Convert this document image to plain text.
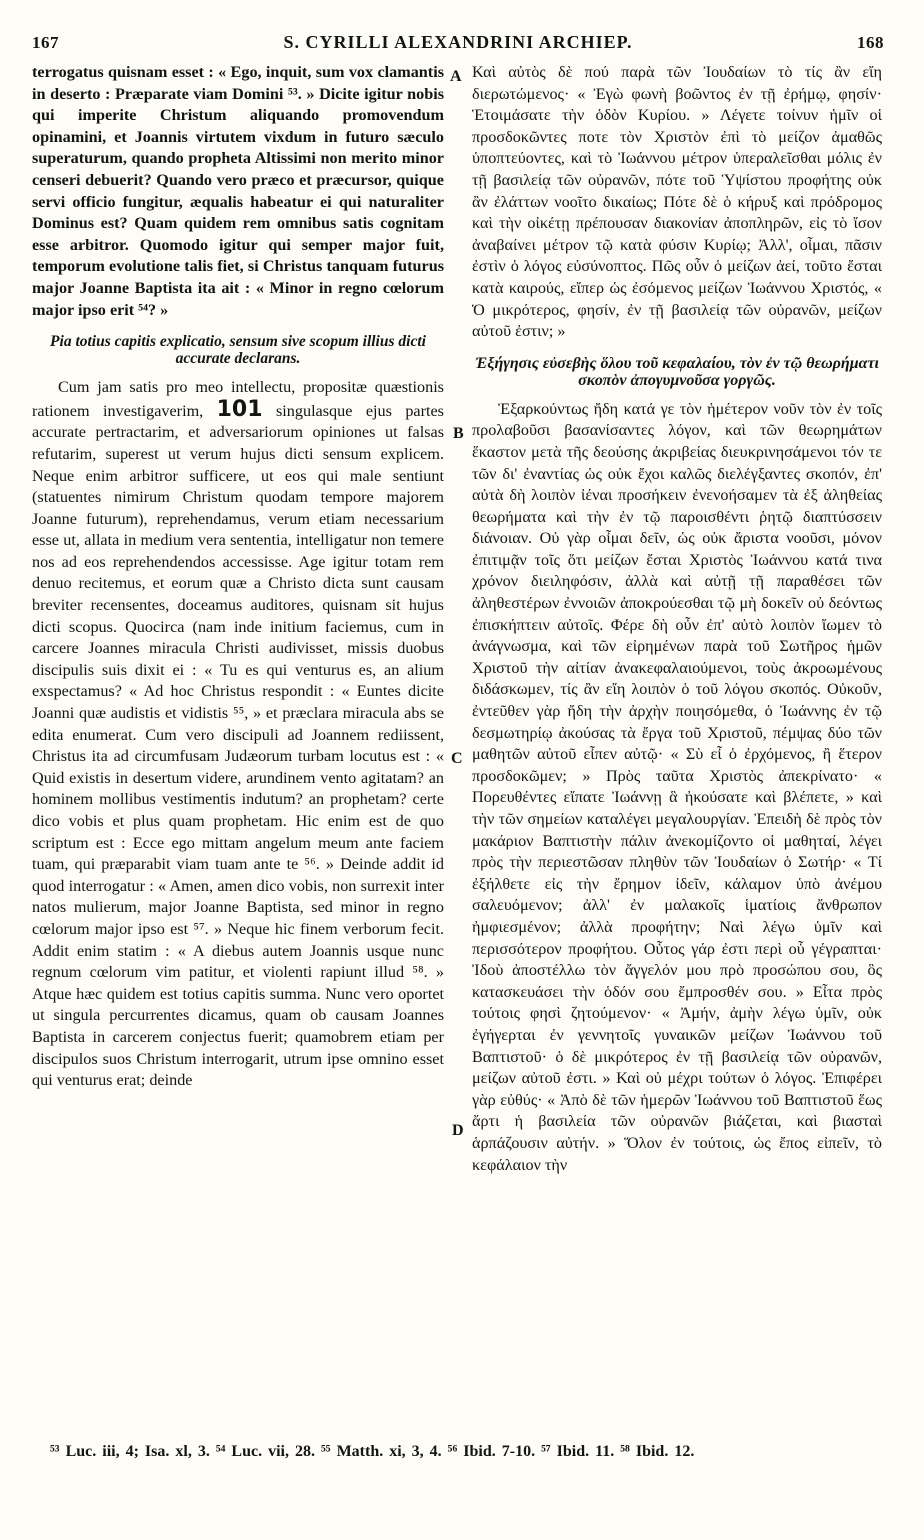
167	S. CYRILLI ALEXANDRINI ARCHIEP.	168
A
B
C
D

terrogatus quisnam esset : « Ego, inquit, sum vox clamantis in deserto : Præparate viam Domini ⁵³. » Dicite igitur nobis qui imperite Christum aliquando promovendum opinamini, et Joannis virtutem vixdum in futuro sæculo superaturum, quando propheta Altissimi non merito minor censeri debuerit? Quando vero præco et præcursor, quique servi officio fungitur, æqualis habeatur ei qui naturaliter Dominus est? Quam quidem rem omnibus satis cognitam esse arbitror. Quomodo igitur qui semper major fuit, temporum evolutione talis fiet, si Christus tanquam futurus major Joanne Baptista ita ait : « Minor in regno cœlorum major ipso erit ⁵⁴? »

Pia totius capitis explicatio, sensum sive scopum illius dicti accurate declarans.

Cum jam satis pro meo intellectu, propositæ quæstionis rationem investigaverim, 101 singulasque ejus partes accurate pertractarim, et adversariorum opiniones ut falsas refutarim, superest ut verum hujus dicti sensum explicem. Neque enim arbitror sufficere, ut eos qui male sentiunt (statuentes nimirum Christum quodam tempore majorem Joanne futurum), reprehendamus, verum etiam necessarium esse ut, allata in medium vera sententia, intelligatur non temere nos ad eos reprehendendos accessisse. Age igitur totam rem denuo recitemus, et eorum quæ a Christo dicta sunt causam breviter recensentes, doceamus auditores, quisnam sit hujus dicti scopus. Quocirca (nam inde initium faciemus, cum in carcere Joannes miracula Christi audivisset, missis duobus discipulis suis dixit ei : « Tu es qui venturus es, an alium exspectamus? « Ad hoc Christus respondit : « Euntes dicite Joanni quæ audistis et vidistis ⁵⁵, » et præclara miracula abs se edita enumerat. Cum vero discipuli ad Joannem rediissent, Christus ita ad circumfusam Judæorum turbam locutus est : « Quid existis in desertum videre, arundinem vento agitatam? an hominem mollibus vestimentis indutum? an prophetam? certe dico vobis et plus quam prophetam. Hic enim est de quo scriptum est : Ecce ego mittam angelum meum ante faciem tuam, qui præparabit viam tuam ante te ⁵⁶. » Deinde addit id quod interrogatur : « Amen, amen dico vobis, non surrexit inter natos mulierum, major Joanne Baptista, sed minor in regno cœlorum major ipso est ⁵⁷. » Neque hic finem verborum fecit. Addit enim statim : « A diebus autem Joannis usque nunc regnum cœlorum vim patitur, et violenti rapiunt illud ⁵⁸. » Atque hæc quidem est totius capitis summa. Nunc vero oportet ut singula percurrentes dicamus, quam ob causam Joannes Baptista in carcerem conjectus fuerit; quamobrem etiam per discipulos suos Christum interrogarit, utrum ipse omnino esset qui venturus erat; deinde

Καὶ αὐτὸς δὲ πού παρὰ τῶν Ἰουδαίων τὸ τίς ἂν εἴη διερωτώμενος· « Ἐγὼ φωνὴ βοῶντος ἐν τῇ ἐρήμῳ, φησίν· Ἑτοιμάσατε τὴν ὁδὸν Κυρίου. » Λέγετε τοίνυν ἡμῖν οἱ προσδοκῶντες ποτε τὸν Χριστὸν ἐπὶ τὸ μείζον ἀμαθῶς ὑποπτεύοντες, καὶ τὸ Ἰωάννου μέτρον ὑπεραλεῖσθαι μόλις ἐν τῇ βασιλείᾳ τῶν οὐρανῶν, πότε τοῦ Ὑψίστου προφήτης οὐκ ἂν ἐλάττων νοοῖτο δικαίως; Πότε δὲ ὁ κήρυξ καὶ πρόδρομος καὶ τὴν οἰκέτῃ πρέπουσαν διακονίαν ἀποπληρῶν, εἰς τὸ ἴσον ἀναβαίνει μέτρον τῷ κατὰ φύσιν Κυρίῳ; Ἀλλ', οἶμαι, πᾶσιν ἐστὶν ὁ λόγος εὐσύνοπτος. Πῶς οὖν ὁ μείζων ἀεί, τοῦτο ἔσται κατὰ καιρούς, εἴπερ ὡς ἐσόμενος μείζων Ἰωάννου Χριστός, « Ὁ μικρότερος, φησίν, ἐν τῇ βασιλείᾳ τῶν οὐρανῶν, μείζων αὐτοῦ ἐστιν; »

Ἐξήγησις εὐσεβὴς ὅλου τοῦ κεφαλαίου, τὸν ἐν τῷ θεωρήματι σκοπὸν ἀπογυμνοῦσα γοργῶς.

Ἐξαρκούντως ἤδη κατά γε τὸν ἡμέτερον νοῦν τὸν ἐν τοῖς προλαβοῦσι βασανίσαντες λόγον, καὶ τῶν θεωρημάτων ἕκαστον μετὰ τῆς δεούσης ἀκριβείας διευκρινησάμενοι τόν τε τῶν δι' ἐναντίας ὡς οὐκ ἔχοι καλῶς διελέγξαντες σκοπόν, ἐπ' αὐτὰ δὴ λοιπὸν ἰέναι προσήκειν ἐνενοήσαμεν τὰ ἐξ ἀληθείας θεωρήματα καὶ τὴν ἐν τῷ παροισθέντι ῥητῷ διαπτύσσειν διάνοιαν. Οὐ γὰρ οἶμαι δεῖν, ὡς οὐκ ἄριστα νοοῦσι, μόνον ἐπιτιμᾷν τοῖς ὅτι μείζων ἔσται Χριστὸς Ἰωάννου κατά τινα χρόνον διειληφόσιν, ἀλλὰ καὶ αὐτῇ τῇ παραθέσει τῶν ἀληθεστέρων ἐννοιῶν ἀποκρούεσθαι τῷ μὴ δοκεῖν οὐ δεόντως ἐπισκήπτειν αὐτοῖς. Φέρε δὴ οὖν ἐπ' αὐτὸ λοιπὸν ἴωμεν τὸ ἀνάγνωσμα, καὶ τῶν εἰρημένων παρὰ τοῦ Σωτῆρος ἡμῶν Χριστοῦ τὴν αἰτίαν ἀνακεφαλαιούμενοι, τοὺς ἀκροωμένους διδάσκωμεν, τίς ἂν εἴη λοιπὸν ὁ τοῦ λόγου σκοπός. Οὐκοῦν, ἐντεῦθεν γὰρ ἤδη τὴν ἀρχὴν ποιησόμεθα, ὁ Ἰωάννης ἐν τῷ δεσμωτηρίῳ ἀκούσας τὰ ἔργα τοῦ Χριστοῦ, πέμψας δύο τῶν μαθητῶν αὐτοῦ εἶπεν αὐτῷ· « Σὺ εἶ ὁ ἐρχόμενος, ἢ ἕτερον προσδοκῶμεν; » Πρὸς ταῦτα Χριστὸς ἀπεκρίνατο· « Πορευθέντες εἴπατε Ἰωάννῃ ἃ ἠκούσατε καὶ βλέπετε, » καὶ τὴν τῶν σημείων καταλέγει μεγαλουργίαν. Ἐπειδὴ δὲ πρὸς τὸν μακάριον Βαπτιστὴν πάλιν ἀνεκομίζοντο οἱ μαθηταί, λέγει πρὸς τὴν περιεστῶσαν πληθὺν τῶν Ἰουδαίων ὁ Σωτήρ· « Τί ἐξήλθετε εἰς τὴν ἔρημον ἰδεῖν, κάλαμον ὑπὸ ἀνέμου σαλευόμενον; ἀλλ' ἐν μαλακοῖς ἱματίοις ἄνθρωπον ἠμφιεσμένον; ἀλλὰ προφήτην; Ναὶ λέγω ὑμῖν καὶ περισσότερον προφήτου. Οὗτος γάρ ἐστι περὶ οὗ γέγραπται· Ἰδοὺ ἀποστέλλω τὸν ἄγγελόν μου πρὸ προσώπου σου, ὃς κατασκευάσει τὴν ὁδόν σου ἔμπροσθέν σου. » Εἶτα πρὸς τούτοις φησὶ ζητούμενον· « Ἀμήν, ἀμὴν λέγω ὑμῖν, οὐκ ἐγήγερται ἐν γεννητοῖς γυναικῶν μείζων Ἰωάννου τοῦ Βαπτιστοῦ· ὁ δὲ μικρότερος ἐν τῇ βασιλείᾳ τῶν οὐρανῶν, μείζων αὐτοῦ ἐστι. » Καὶ οὐ μέχρι τούτων ὁ λόγος. Ἐπιφέρει γὰρ εὐθύς· « Ἀπὸ δὲ τῶν ἡμερῶν Ἰωάννου τοῦ Βαπτιστοῦ ἕως ἄρτι ἡ βασιλεία τῶν οὐρανῶν βιάζεται, καὶ βιασταὶ ἁρπάζουσιν αὐτήν. » Ὅλον ἐν τούτοις, ὡς ἔπος εἰπεῖν, τὸ κεφάλαιον τὴν

⁵³ Luc. iii, 4; Isa. xl, 3. ⁵⁴ Luc. vii, 28. ⁵⁵ Matth. xi, 3, 4. ⁵⁶ Ibid. 7-10. ⁵⁷ Ibid. 11. ⁵⁸ Ibid. 12.
